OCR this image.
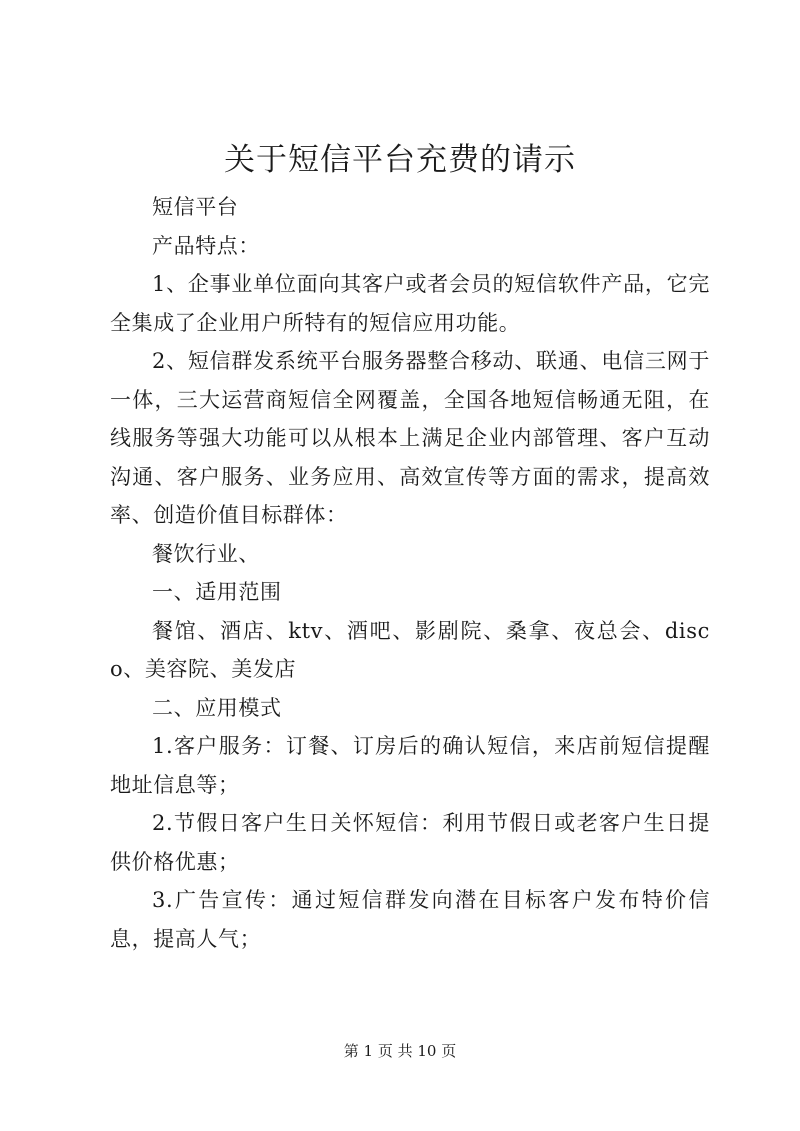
关于短信平台充费的请示

短信平台

产品特点：

1、企事业单位面向其客户或者会员的短信软件产品，它完全集成了企业用户所特有的短信应用功能。

2、短信群发系统平台服务器整合移动、联通、电信三网于一体，三大运营商短信全网覆盖，全国各地短信畅通无阻，在线服务等强大功能可以从根本上满足企业内部管理、客户互动沟通、客户服务、业务应用、高效宣传等方面的需求，提高效率、创造价值目标群体：

餐饮行业、

一、适用范围

餐馆、酒店、ktv、酒吧、影剧院、桑拿、夜总会、disco、美容院、美发店

二、应用模式

1.客户服务：订餐、订房后的确认短信，来店前短信提醒地址信息等；

2.节假日客户生日关怀短信：利用节假日或老客户生日提供价格优惠；

3.广告宣传：通过短信群发向潜在目标客户发布特价信息，提高人气；

第 1 页 共 10 页
